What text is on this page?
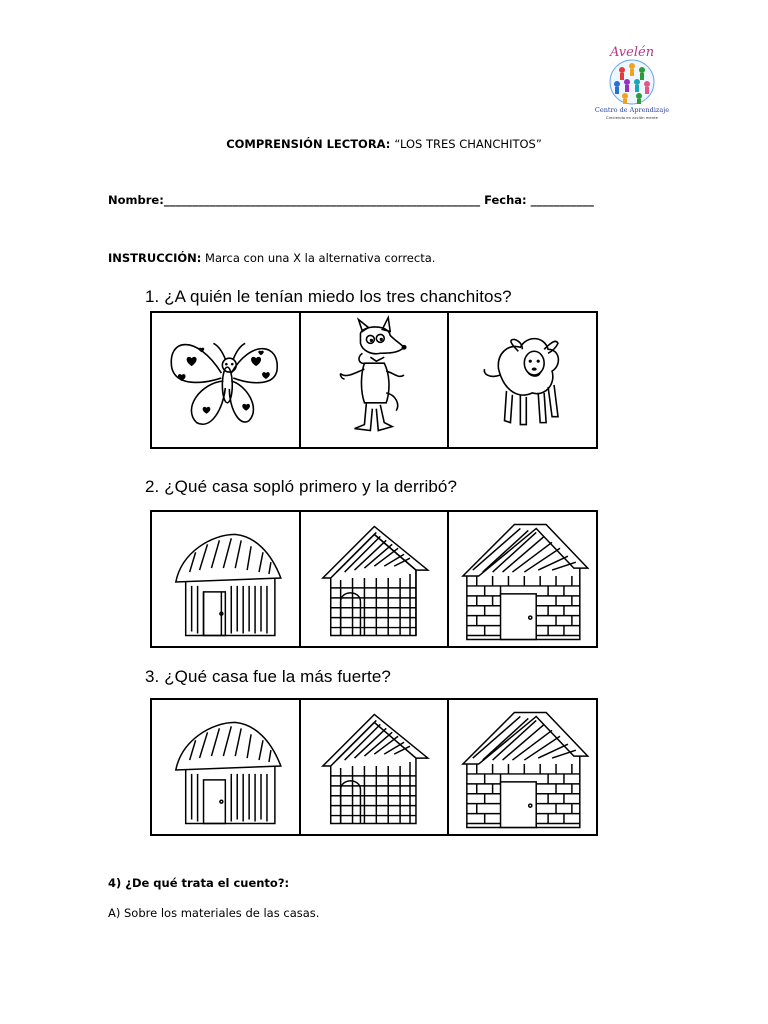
Avelén
Centro de Aprendizaje
Creciendo en acción mente
COMPRENSIÓN LECTORA: “LOS TRES CHANCHITOS”
Nombre:_______________________________________________________ Fecha: ___________
INSTRUCCIÓN: Marca con una X la alternativa correcta.
1. ¿A quién le tenían miedo los tres chanchitos?
2. ¿Qué casa sopló primero y la derribó?
3. ¿Qué casa fue la más fuerte?
4) ¿De qué trata el cuento?:
A) Sobre los materiales de las casas.
